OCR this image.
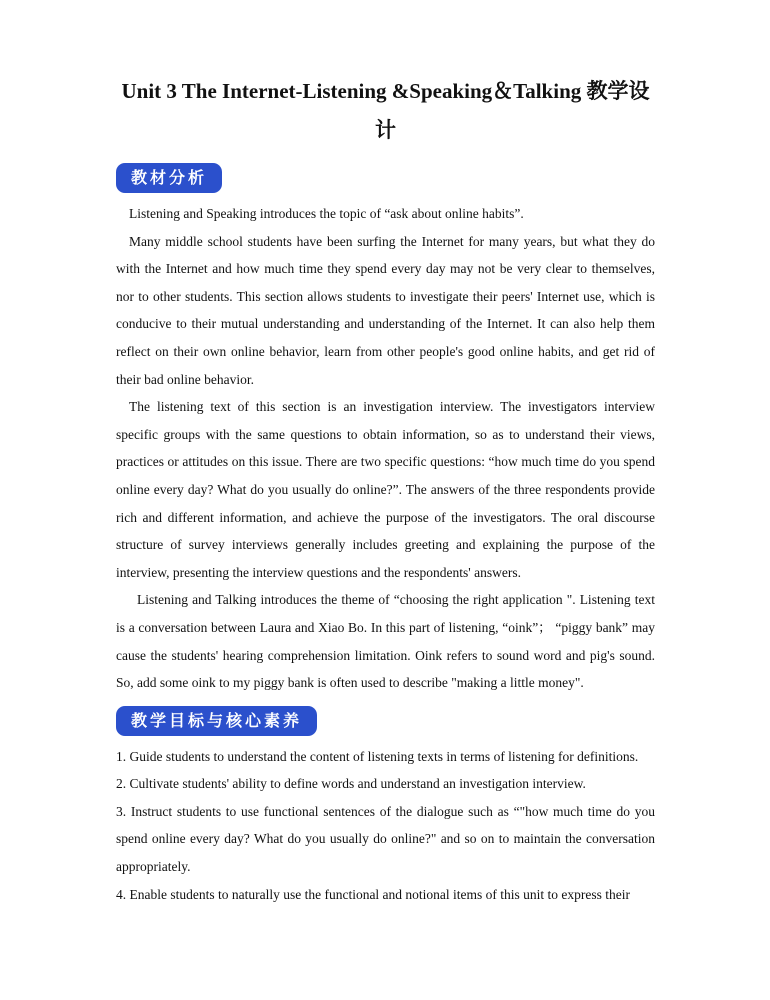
Unit 3 The Internet-Listening &Speaking＆Talking 教学设
计
教材分析

Listening and Speaking introduces the topic of “ask about online habits”.

Many middle school students have been surfing the Internet for many years, but what they do with the Internet and how much time they spend every day may not be very clear to themselves, nor to other students. This section allows students to investigate their peers' Internet use, which is conducive to their mutual understanding and understanding of the Internet. It can also help them reflect on their own online behavior, learn from other people's good online habits, and get rid of their bad online behavior.

The listening text of this section is an investigation interview. The investigators interview specific groups with the same questions to obtain information, so as to understand their views, practices or attitudes on this issue. There are two specific questions: “how much time do you spend online every day? What do you usually do online?”. The answers of the three respondents provide rich and different information, and achieve the purpose of the investigators. The oral discourse structure of survey interviews generally includes greeting and explaining the purpose of the interview, presenting the interview questions and the respondents' answers.

Listening and Talking introduces the theme of “choosing the right application ". Listening text is a conversation between Laura and Xiao Bo. In this part of listening, “oink”； “piggy bank” may cause the students' hearing comprehension limitation. Oink refers to sound word and pig's sound. So, add some oink to my piggy bank is often used to describe "making a little money".

教学目标与核心素养

1. Guide students to understand the content of listening texts in terms of listening for definitions.

2. Cultivate students' ability to define words and understand an investigation interview.

3. Instruct students to use functional sentences of the dialogue such as “"how much time do you spend online every day? What do you usually do online?" and so on to maintain the conversation appropriately.

4. Enable students to naturally use the functional and notional items of this unit to express their
